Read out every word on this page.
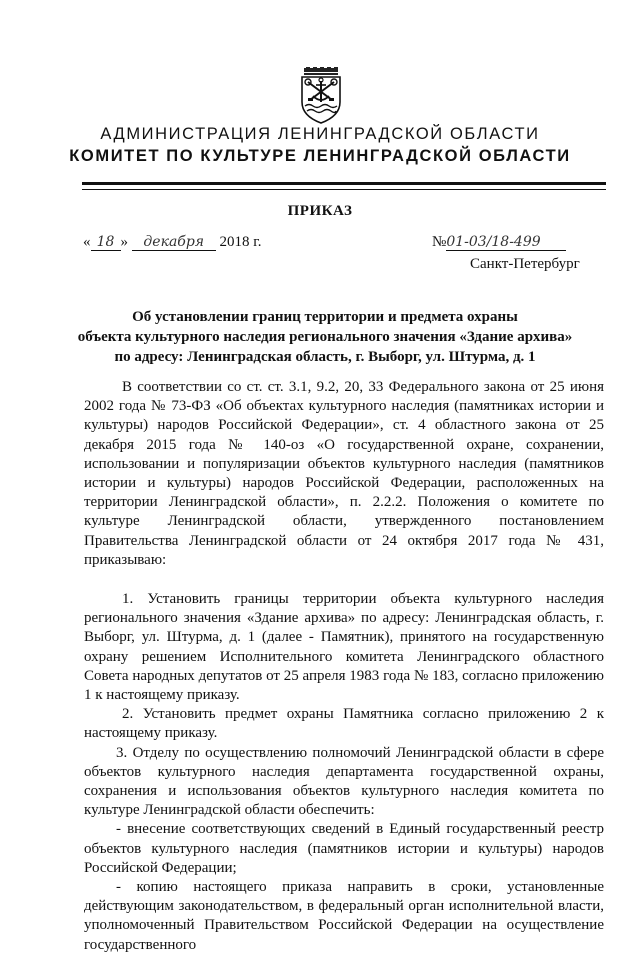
АДМИНИСТРАЦИЯ ЛЕНИНГРАДСКОЙ ОБЛАСТИ
КОМИТЕТ ПО КУЛЬТУРЕ ЛЕНИНГРАДСКОЙ ОБЛАСТИ
ПРИКАЗ
« 18 » декабря 2018 г.	№01-03/18-499
Санкт-Петербург
Об установлении границ территории и предмета охраны
объекта культурного наследия регионального значения «Здание архива»
по адресу: Ленинградская область, г. Выборг, ул. Штурма, д. 1

В соответствии со ст. ст. 3.1, 9.2, 20, 33 Федерального закона от 25 июня 2002 года № 73-ФЗ «Об объектах культурного наследия (памятниках истории и культуры) народов Российской Федерации», ст. 4 областного закона от 25 декабря 2015 года № 140-оз «О государственной охране, сохранении, использовании и популяризации объектов культурного наследия (памятников истории и культуры) народов Российской Федерации, расположенных на территории Ленинградской области», п. 2.2.2. Положения о комитете по культуре Ленинградской области, утвержденного постановлением Правительства Ленинградской области от 24 октября 2017 года № 431, приказываю:

1. Установить границы территории объекта культурного наследия регионального значения «Здание архива» по адресу: Ленинградская область, г. Выборг, ул. Штурма, д. 1 (далее - Памятник), принятого на государственную охрану решением Исполнительного комитета Ленинградского областного Совета народных депутатов от 25 апреля 1983 года № 183, согласно приложению 1 к настоящему приказу.

2. Установить предмет охраны Памятника согласно приложению 2 к настоящему приказу.

3. Отделу по осуществлению полномочий Ленинградской области в сфере объектов культурного наследия департамента государственной охраны, сохранения и использования объектов культурного наследия комитета по культуре Ленинградской области обеспечить:

- внесение соответствующих сведений в Единый государственный реестр объектов культурного наследия (памятников истории и культуры) народов Российской Федерации;

- копию настоящего приказа направить в сроки, установленные действующим законодательством, в федеральный орган исполнительной власти, уполномоченный Правительством Российской Федерации на осуществление государственного
